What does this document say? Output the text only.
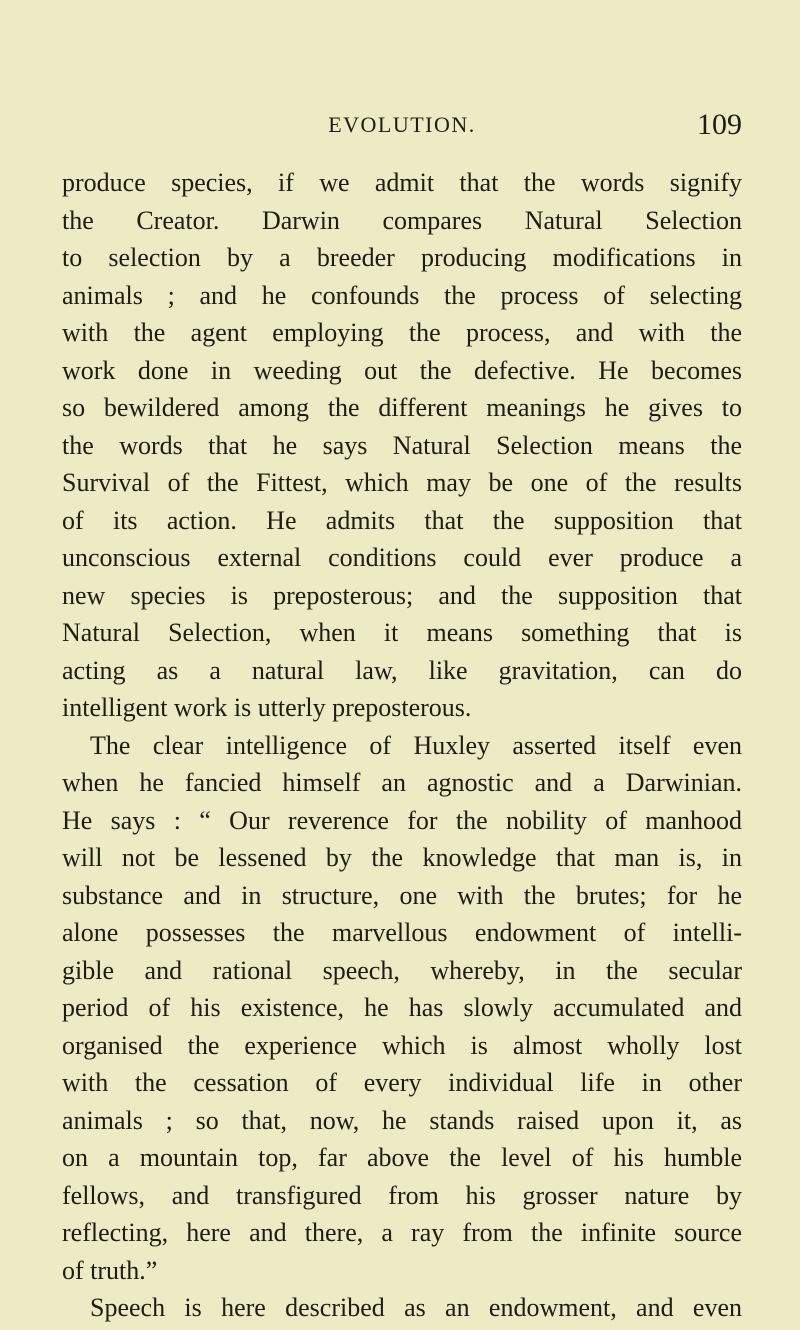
EVOLUTION.	109
produce species, if we admit that the words signify
the Creator. Darwin compares Natural Selection
to selection by a breeder producing modifications in
animals ; and he confounds the process of selecting
with the agent employing the process, and with the
work done in weeding out the defective. He becomes
so bewildered among the different meanings he gives to
the words that he says Natural Selection means the
Survival of the Fittest, which may be one of the results
of its action. He admits that the supposition that
unconscious external conditions could ever produce a
new species is preposterous; and the supposition that
Natural Selection, when it means something that is
acting as a natural law, like gravitation, can do
intelligent work is utterly preposterous.
The clear intelligence of Huxley asserted itself even
when he fancied himself an agnostic and a Darwinian.
He says : “ Our reverence for the nobility of manhood
will not be lessened by the knowledge that man is, in
substance and in structure, one with the brutes; for he
alone possesses the marvellous endowment of intelli-
gible and rational speech, whereby, in the secular
period of his existence, he has slowly accumulated and
organised the experience which is almost wholly lost
with the cessation of every individual life in other
animals ; so that, now, he stands raised upon it, as
on a mountain top, far above the level of his humble
fellows, and transfigured from his grosser nature by
reflecting, here and there, a ray from the infinite source
of truth.”
Speech is here described as an endowment, and even
